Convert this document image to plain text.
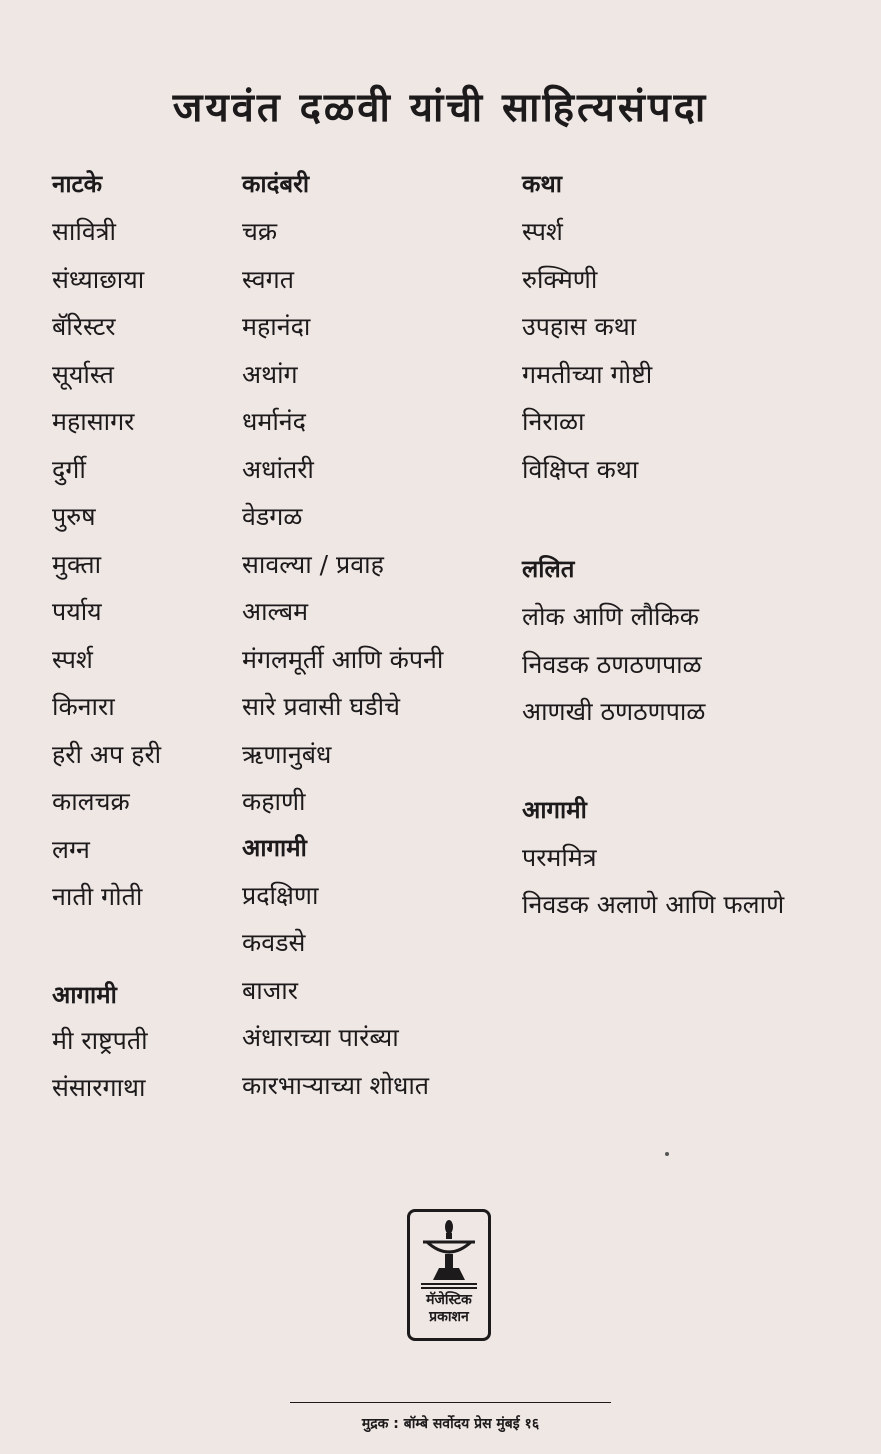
जयवंत दळवी यांची साहित्यसंपदा
नाटके
सावित्री
संध्याछाया
बॅरिस्टर
सूर्यास्त
महासागर
दुर्गी
पुरुष
मुक्ता
पर्याय
स्पर्श
किनारा
हरी अप हरी
कालचक्र
लग्न
नाती गोती
आगामी
मी राष्ट्रपती
संसारगाथा
कादंबरी
चक्र
स्वगत
महानंदा
अथांग
धर्मानंद
अधांतरी
वेडगळ
सावल्या / प्रवाह
आल्बम
मंगलमूर्ती आणि कंपनी
सारे प्रवासी घडीचे
ऋणानुबंध
कहाणी
आगामी
प्रदक्षिणा
कवडसे
बाजार
अंधाराच्या पारंब्या
कारभाऱ्याच्या शोधात
कथा
स्पर्श
रुक्मिणी
उपहास कथा
गमतीच्या गोष्टी
निराळा
विक्षिप्त कथा
ललित
लोक आणि लौकिक
निवडक ठणठणपाळ
आणखी ठणठणपाळ
आगामी
परममित्र
निवडक अलाणे आणि फलाणे
मॅजेस्टिक
प्रकाशन
मुद्रक : बॉम्बे सर्वोदय प्रेस मुंबई १६
